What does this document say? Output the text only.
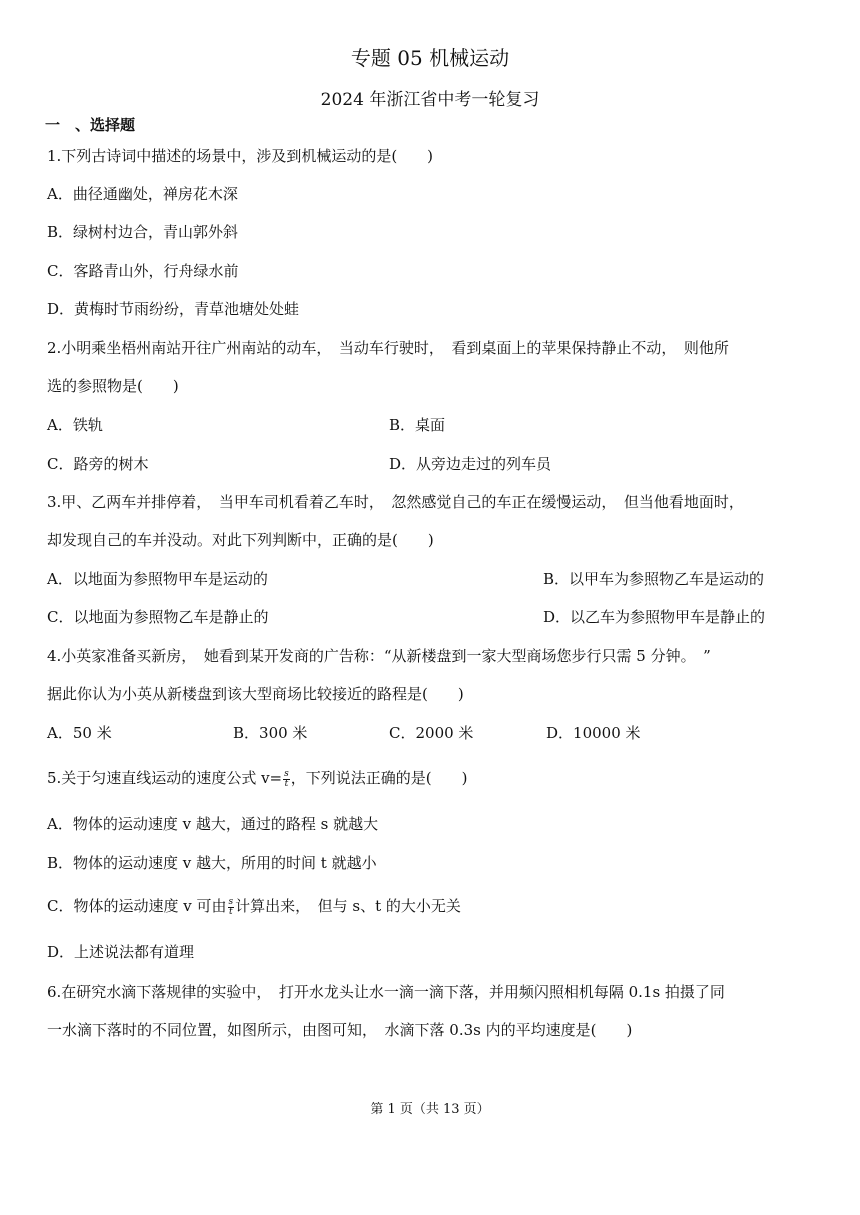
专题 05 机械运动
2024 年浙江省中考一轮复习
一　、选择题
1.下列古诗词中描述的场景中，涉及到机械运动的是(　　)
A．曲径通幽处，禅房花木深
B．绿树村边合，青山郭外斜
C．客路青山外，行舟绿水前
D．黄梅时节雨纷纷，青草池塘处处蛙
2.小明乘坐梧州南站开往广州南站的动车，　当动车行驶时，　看到桌面上的苹果保持静止不动，　则他所
选的参照物是(　　)
A．铁轨	B．桌面
C．路旁的树木	D．从旁边走过的列车员
3.甲、乙两车并排停着，　当甲车司机看着乙车时，　忽然感觉自己的车正在缓慢运动，　但当他看地面时，
却发现自己的车并没动。对此下列判断中，正确的是(　　)
A．以地面为参照物甲车是运动的	B．以甲车为参照物乙车是运动的
C．以地面为参照物乙车是静止的	D．以乙车为参照物甲车是静止的
4.小英家准备买新房，　她看到某开发商的广告称：“从新楼盘到一家大型商场您步行只需 5 分钟。　”
据此你认为小英从新楼盘到该大型商场比较接近的路程是(　　)
A．50 米	B．300 米	C．2000 米	D．10000 米
5.关于匀速直线运动的速度公式 $v= \frac{s}{t}$ ，下列说法正确的是(　　)
A．物体的运动速度 v 越大，通过的路程 s 就越大
B．物体的运动速度 v 越大，所用的时间 t 就越小
C．物体的运动速度 v 可由 $\frac{s}{t}$ 计算出来，　但与 s、t 的大小无关
D．上述说法都有道理
6.在研究水滴下落规律的实验中，　打开水龙头让水一滴一滴下落，并用频闪照相机每隔 0.1s 拍摄了同
一水滴下落时的不同位置，如图所示，由图可知，　水滴下落 0.3s 内的平均速度是(　　)
第 1 页（共 13 页）
